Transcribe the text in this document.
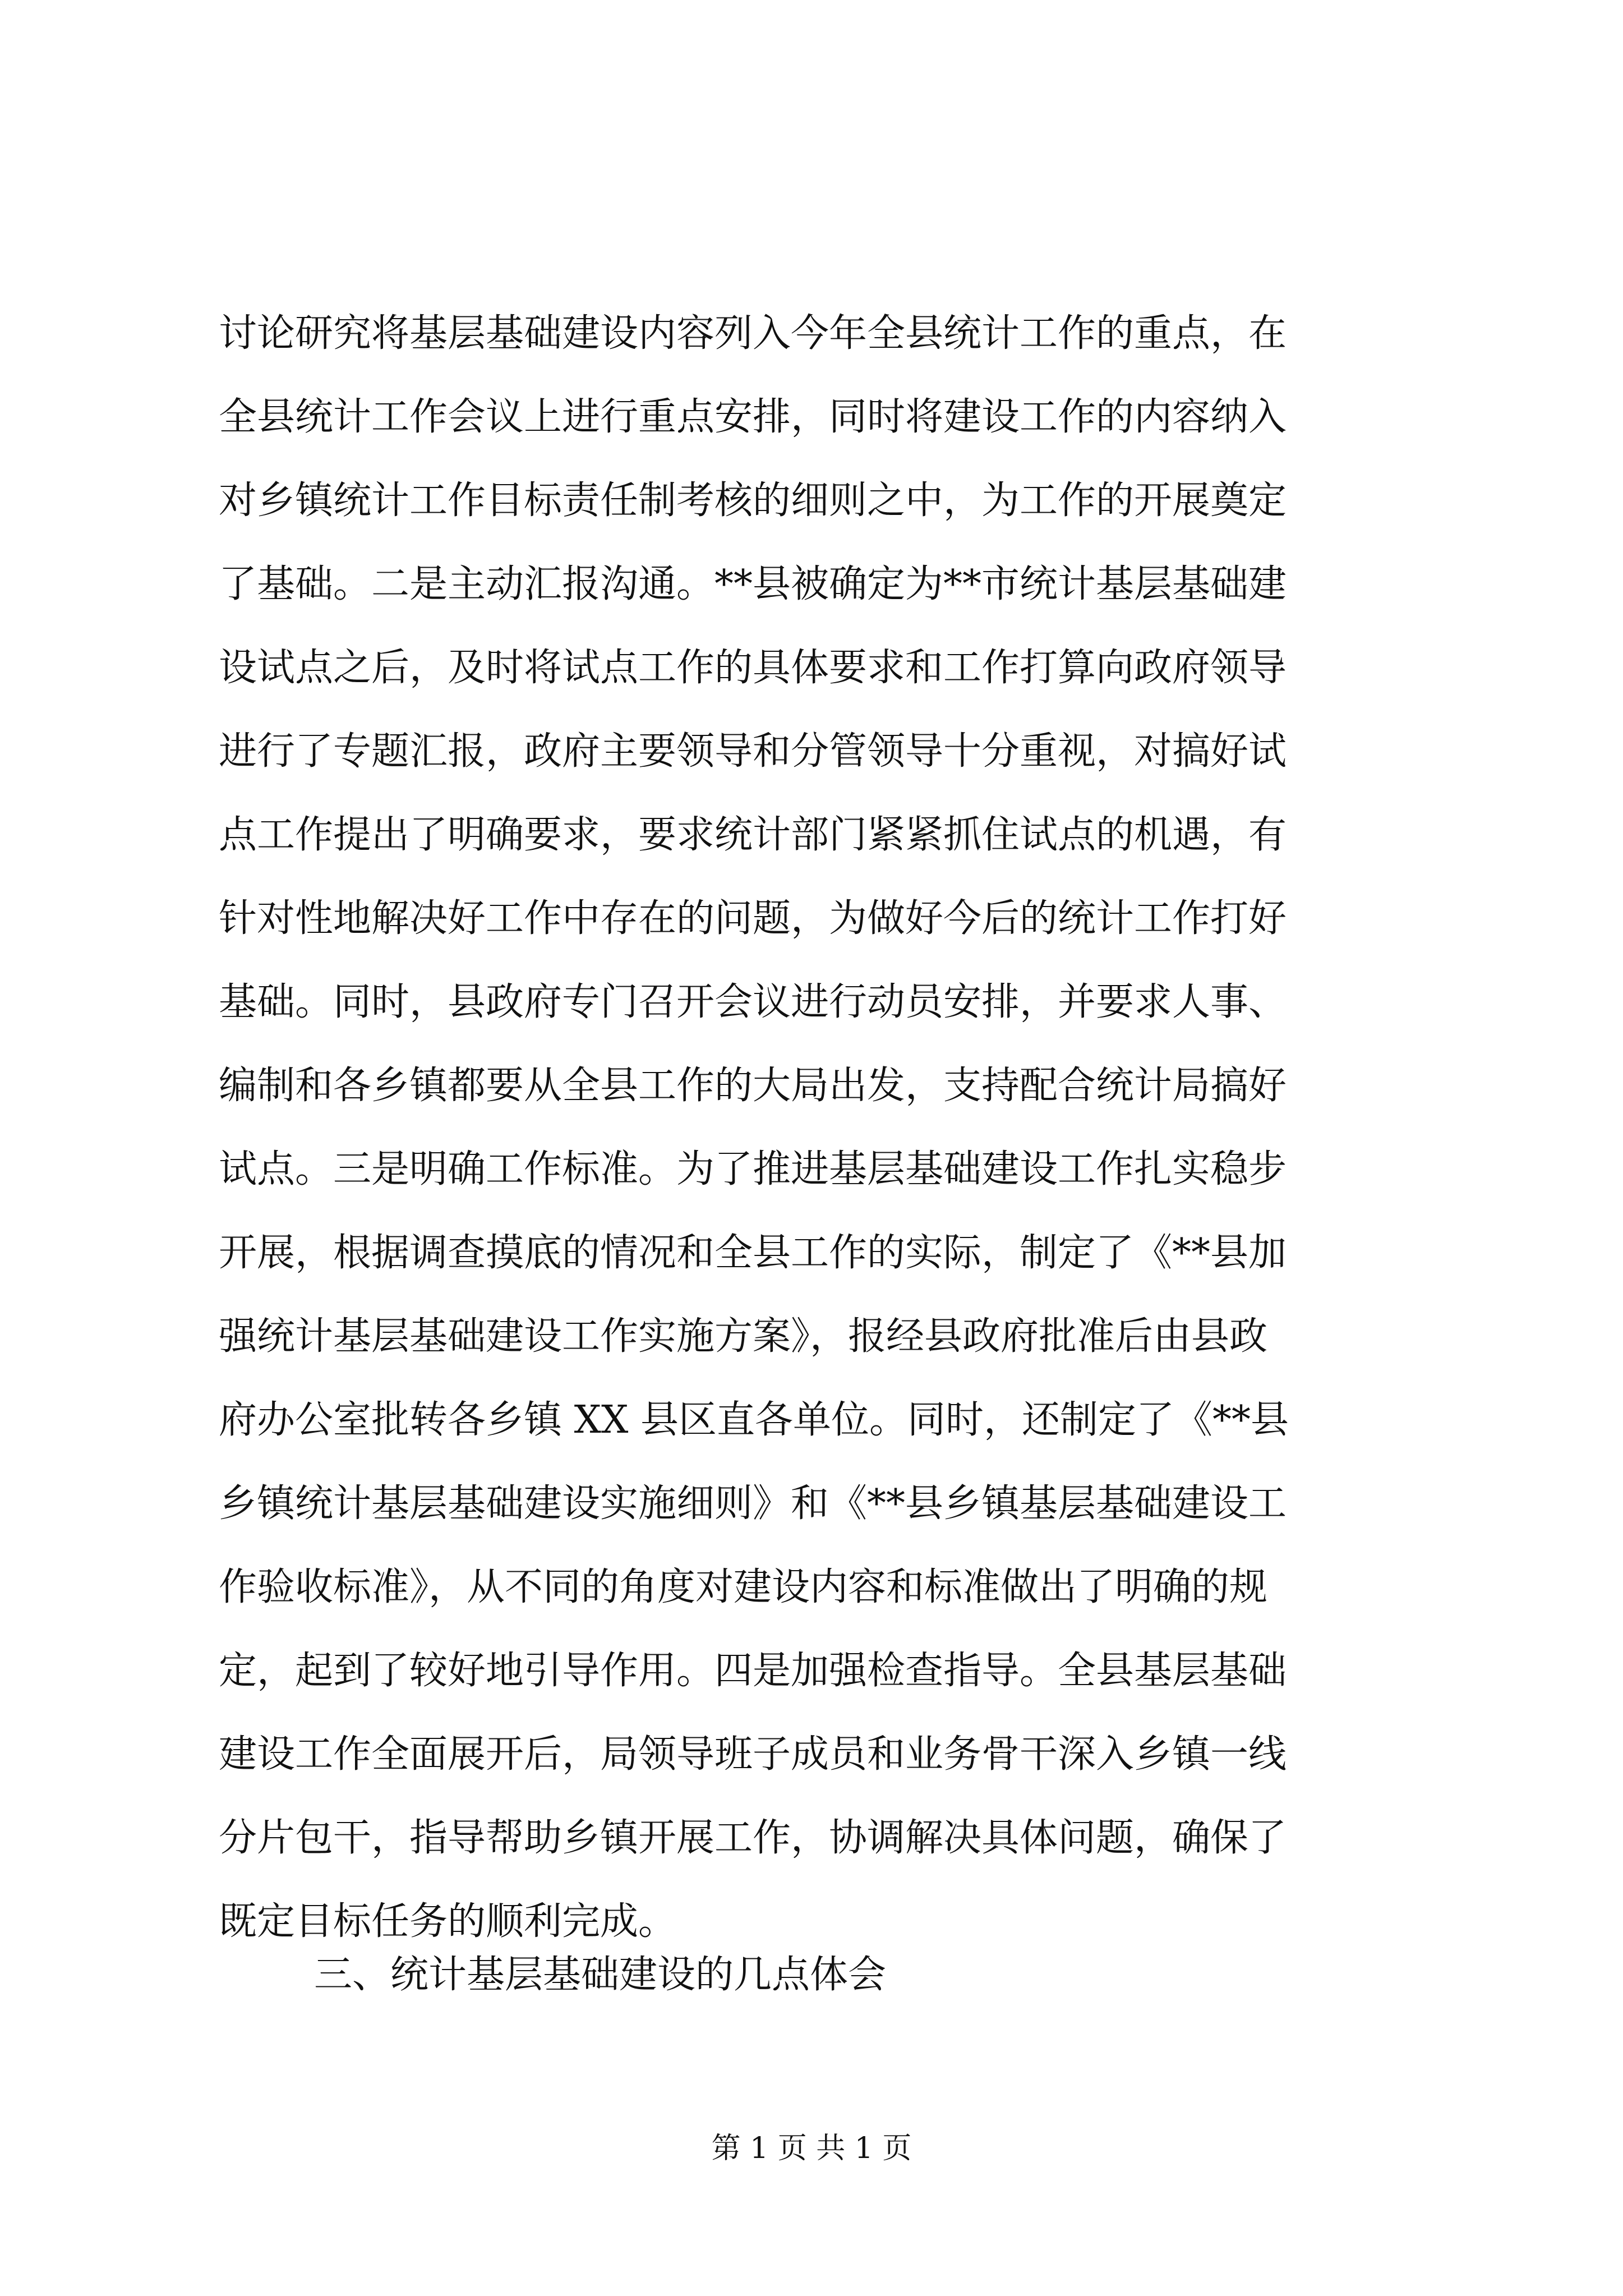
讨论研究将基层基础建设内容列入今年全县统计工作的重点，在
全县统计工作会议上进行重点安排，同时将建设工作的内容纳入
对乡镇统计工作目标责任制考核的细则之中，为工作的开展奠定
了基础。二是主动汇报沟通。**县被确定为**市统计基层基础建
设试点之后，及时将试点工作的具体要求和工作打算向政府领导
进行了专题汇报，政府主要领导和分管领导十分重视，对搞好试
点工作提出了明确要求，要求统计部门紧紧抓住试点的机遇，有
针对性地解决好工作中存在的问题，为做好今后的统计工作打好
基础。同时，县政府专门召开会议进行动员安排，并要求人事、
编制和各乡镇都要从全县工作的大局出发，支持配合统计局搞好
试点。三是明确工作标准。为了推进基层基础建设工作扎实稳步
开展，根据调查摸底的情况和全县工作的实际，制定了《**县加
强统计基层基础建设工作实施方案》，报经县政府批准后由县政
府办公室批转各乡镇 XX 县区直各单位。同时，还制定了《**县
乡镇统计基层基础建设实施细则》和《**县乡镇基层基础建设工
作验收标准》，从不同的角度对建设内容和标准做出了明确的规
定，起到了较好地引导作用。四是加强检查指导。全县基层基础
建设工作全面展开后，局领导班子成员和业务骨干深入乡镇一线
分片包干，指导帮助乡镇开展工作，协调解决具体问题，确保了
既定目标任务的顺利完成。
三、统计基层基础建设的几点体会
第 1 页 共 1 页
